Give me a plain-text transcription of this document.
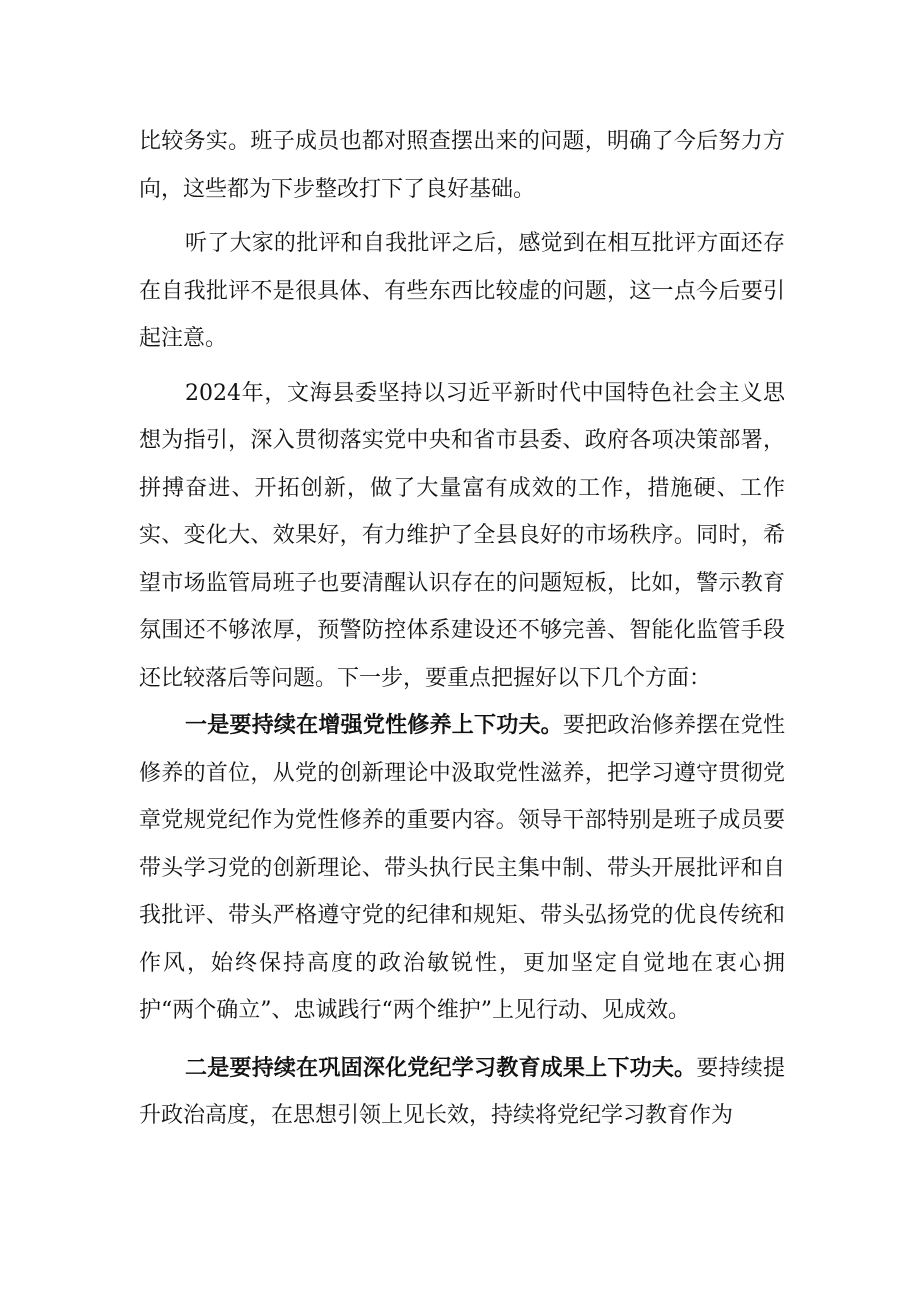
比较务实。班子成员也都对照查摆出来的问题，明确了今后努力方向，这些都为下步整改打下了良好基础。

听了大家的批评和自我批评之后，感觉到在相互批评方面还存在自我批评不是很具体、有些东西比较虚的问题，这一点今后要引起注意。

2024年，文海县委坚持以习近平新时代中国特色社会主义思想为指引，深入贯彻落实党中央和省市县委、政府各项决策部署，拼搏奋进、开拓创新，做了大量富有成效的工作，措施硬、工作实、变化大、效果好，有力维护了全县良好的市场秩序。同时，希望市场监管局班子也要清醒认识存在的问题短板，比如，警示教育氛围还不够浓厚，预警防控体系建设还不够完善、智能化监管手段还比较落后等问题。下一步，要重点把握好以下几个方面：

一是要持续在增强党性修养上下功夫。要把政治修养摆在党性修养的首位，从党的创新理论中汲取党性滋养，把学习遵守贯彻党章党规党纪作为党性修养的重要内容。领导干部特别是班子成员要带头学习党的创新理论、带头执行民主集中制、带头开展批评和自我批评、带头严格遵守党的纪律和规矩、带头弘扬党的优良传统和作风，始终保持高度的政治敏锐性，更加坚定自觉地在衷心拥护“两个确立”、忠诚践行“两个维护”上见行动、见成效。

二是要持续在巩固深化党纪学习教育成果上下功夫。要持续提升政治高度，在思想引领上见长效，持续将党纪学习教育作为
